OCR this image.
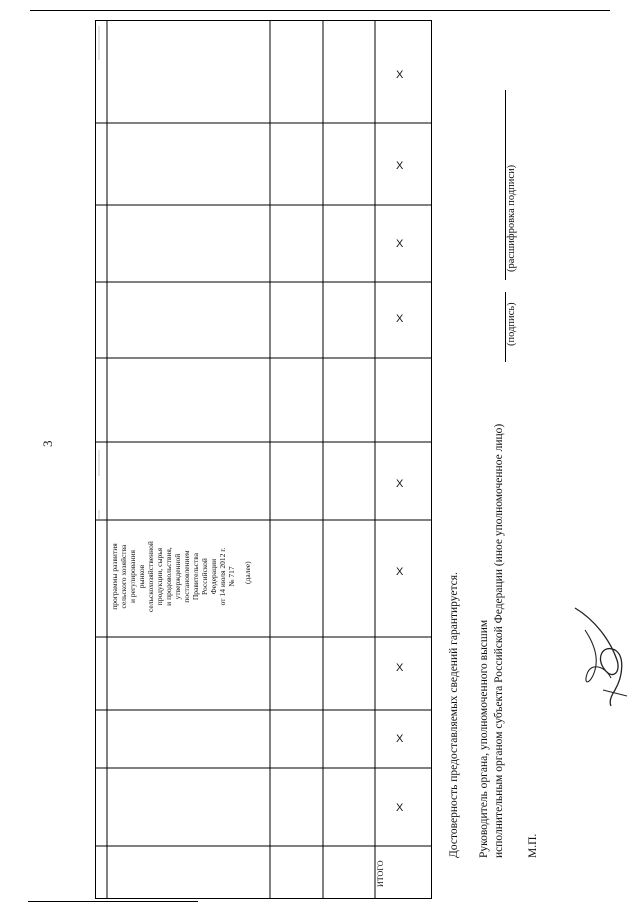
3
программы развития сельского хозяйства и регулирования рынков сельскохозяйственной продукции, сырья и продовольствия, утвержденной постановлением Правительства Российской Федерации от 14 июля 2012 г. № 717 (далее)
ИТОГО
X
X
X
X
X
X
X
X
X
Достоверность предоставляемых сведений гарантируется. Руководитель органа, уполномоченного высшим исполнительным органом субъекта Российской Федерации (иное уполномоченное лицо)
(подпись)
(расшифровка подписи)
М.П.
